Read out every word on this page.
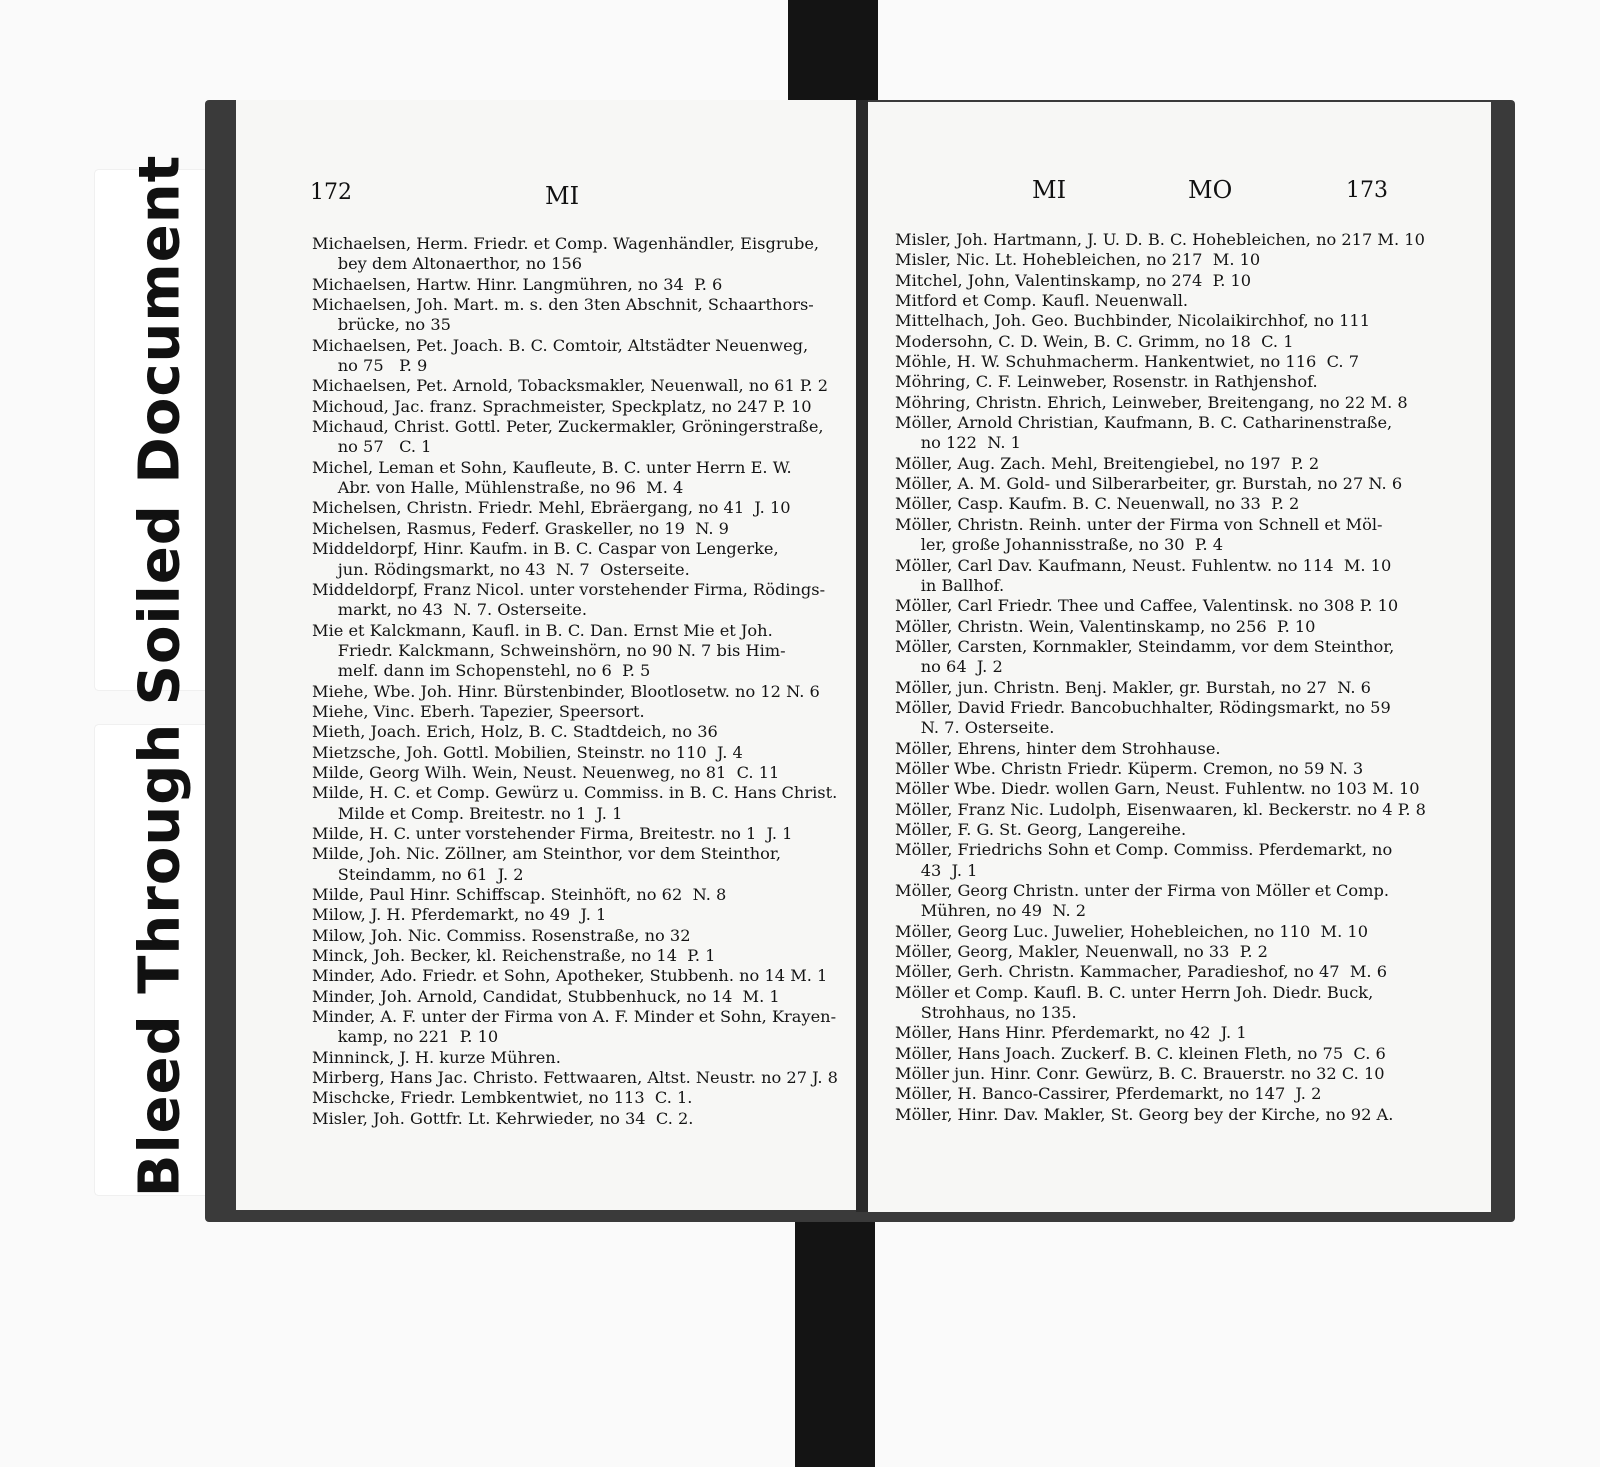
Soiled Document
Bleed Through
172	MI	MI	MO	173
Michaelsen, Herm. Friedr. et Comp. Wagenhändler, Eisgrube,
bey dem Altonaerthor, no 156
Michaelsen, Hartw. Hinr. Langmühren, no 34  P. 6
Michaelsen, Joh. Mart. m. s. den 3ten Abschnit, Schaarthors-
brücke, no 35
Michaelsen, Pet. Joach. B. C. Comtoir, Altstädter Neuenweg,
no 75   P. 9
Michaelsen, Pet. Arnold, Tobacksmakler, Neuenwall, no 61 P. 2
Michoud, Jac. franz. Sprachmeister, Speckplatz, no 247 P. 10
Michaud, Christ. Gottl. Peter, Zuckermakler, Gröningerstraße,
no 57   C. 1
Michel, Leman et Sohn, Kaufleute, B. C. unter Herrn E. W.
Abr. von Halle, Mühlenstraße, no 96  M. 4
Michelsen, Christn. Friedr. Mehl, Ebräergang, no 41  J. 10
Michelsen, Rasmus, Federf. Graskeller, no 19  N. 9
Middeldorpf, Hinr. Kaufm. in B. C. Caspar von Lengerke,
jun. Rödingsmarkt, no 43  N. 7  Osterseite.
Middeldorpf, Franz Nicol. unter vorstehender Firma, Rödings-
markt, no 43  N. 7. Osterseite.
Mie et Kalckmann, Kaufl. in B. C. Dan. Ernst Mie et Joh.
Friedr. Kalckmann, Schweinshörn, no 90 N. 7 bis Him-
melf. dann im Schopenstehl, no 6  P. 5
Miehe, Wbe. Joh. Hinr. Bürstenbinder, Blootlosetw. no 12 N. 6
Miehe, Vinc. Eberh. Tapezier, Speersort.
Mieth, Joach. Erich, Holz, B. C. Stadtdeich, no 36
Mietzsche, Joh. Gottl. Mobilien, Steinstr. no 110  J. 4
Milde, Georg Wilh. Wein, Neust. Neuenweg, no 81  C. 11
Milde, H. C. et Comp. Gewürz u. Commiss. in B. C. Hans Christ.
Milde et Comp. Breitestr. no 1  J. 1
Milde, H. C. unter vorstehender Firma, Breitestr. no 1  J. 1
Milde, Joh. Nic. Zöllner, am Steinthor, vor dem Steinthor,
Steindamm, no 61  J. 2
Milde, Paul Hinr. Schiffscap. Steinhöft, no 62  N. 8
Milow, J. H. Pferdemarkt, no 49  J. 1
Milow, Joh. Nic. Commiss. Rosenstraße, no 32
Minck, Joh. Becker, kl. Reichenstraße, no 14  P. 1
Minder, Ado. Friedr. et Sohn, Apotheker, Stubbenh. no 14 M. 1
Minder, Joh. Arnold, Candidat, Stubbenhuck, no 14  M. 1
Minder, A. F. unter der Firma von A. F. Minder et Sohn, Krayen-
kamp, no 221  P. 10
Minninck, J. H. kurze Mühren.
Mirberg, Hans Jac. Christo. Fettwaaren, Altst. Neustr. no 27 J. 8
Mischcke, Friedr. Lembkentwiet, no 113  C. 1.
Misler, Joh. Gottfr. Lt. Kehrwieder, no 34  C. 2.
Misler, Joh. Hartmann, J. U. D. B. C. Hohebleichen, no 217 M. 10
Misler, Nic. Lt. Hohebleichen, no 217  M. 10
Mitchel, John, Valentinskamp, no 274  P. 10
Mitford et Comp. Kaufl. Neuenwall.
Mittelhach, Joh. Geo. Buchbinder, Nicolaikirchhof, no 111
Modersohn, C. D. Wein, B. C. Grimm, no 18  C. 1
Möhle, H. W. Schuhmacherm. Hankentwiet, no 116  C. 7
Möhring, C. F. Leinweber, Rosenstr. in Rathjenshof.
Möhring, Christn. Ehrich, Leinweber, Breitengang, no 22 M. 8
Möller, Arnold Christian, Kaufmann, B. C. Catharinenstraße,
no 122  N. 1
Möller, Aug. Zach. Mehl, Breitengiebel, no 197  P. 2
Möller, A. M. Gold- und Silberarbeiter, gr. Burstah, no 27 N. 6
Möller, Casp. Kaufm. B. C. Neuenwall, no 33  P. 2
Möller, Christn. Reinh. unter der Firma von Schnell et Möl-
ler, große Johannisstraße, no 30  P. 4
Möller, Carl Dav. Kaufmann, Neust. Fuhlentw. no 114  M. 10
in Ballhof.
Möller, Carl Friedr. Thee und Caffee, Valentinsk. no 308 P. 10
Möller, Christn. Wein, Valentinskamp, no 256  P. 10
Möller, Carsten, Kornmakler, Steindamm, vor dem Steinthor,
no 64  J. 2
Möller, jun. Christn. Benj. Makler, gr. Burstah, no 27  N. 6
Möller, David Friedr. Bancobuchhalter, Rödingsmarkt, no 59
N. 7. Osterseite.
Möller, Ehrens, hinter dem Strohhause.
Möller Wbe. Christn Friedr. Küperm. Cremon, no 59 N. 3
Möller Wbe. Diedr. wollen Garn, Neust. Fuhlentw. no 103 M. 10
Möller, Franz Nic. Ludolph, Eisenwaaren, kl. Beckerstr. no 4 P. 8
Möller, F. G. St. Georg, Langereihe.
Möller, Friedrichs Sohn et Comp. Commiss. Pferdemarkt, no
43  J. 1
Möller, Georg Christn. unter der Firma von Möller et Comp.
Mühren, no 49  N. 2
Möller, Georg Luc. Juwelier, Hohebleichen, no 110  M. 10
Möller, Georg, Makler, Neuenwall, no 33  P. 2
Möller, Gerh. Christn. Kammacher, Paradieshof, no 47  M. 6
Möller et Comp. Kaufl. B. C. unter Herrn Joh. Diedr. Buck,
Strohhaus, no 135.
Möller, Hans Hinr. Pferdemarkt, no 42  J. 1
Möller, Hans Joach. Zuckerf. B. C. kleinen Fleth, no 75  C. 6
Möller jun. Hinr. Conr. Gewürz, B. C. Brauerstr. no 32 C. 10
Möller, H. Banco-Cassirer, Pferdemarkt, no 147  J. 2
Möller, Hinr. Dav. Makler, St. Georg bey der Kirche, no 92 A.
